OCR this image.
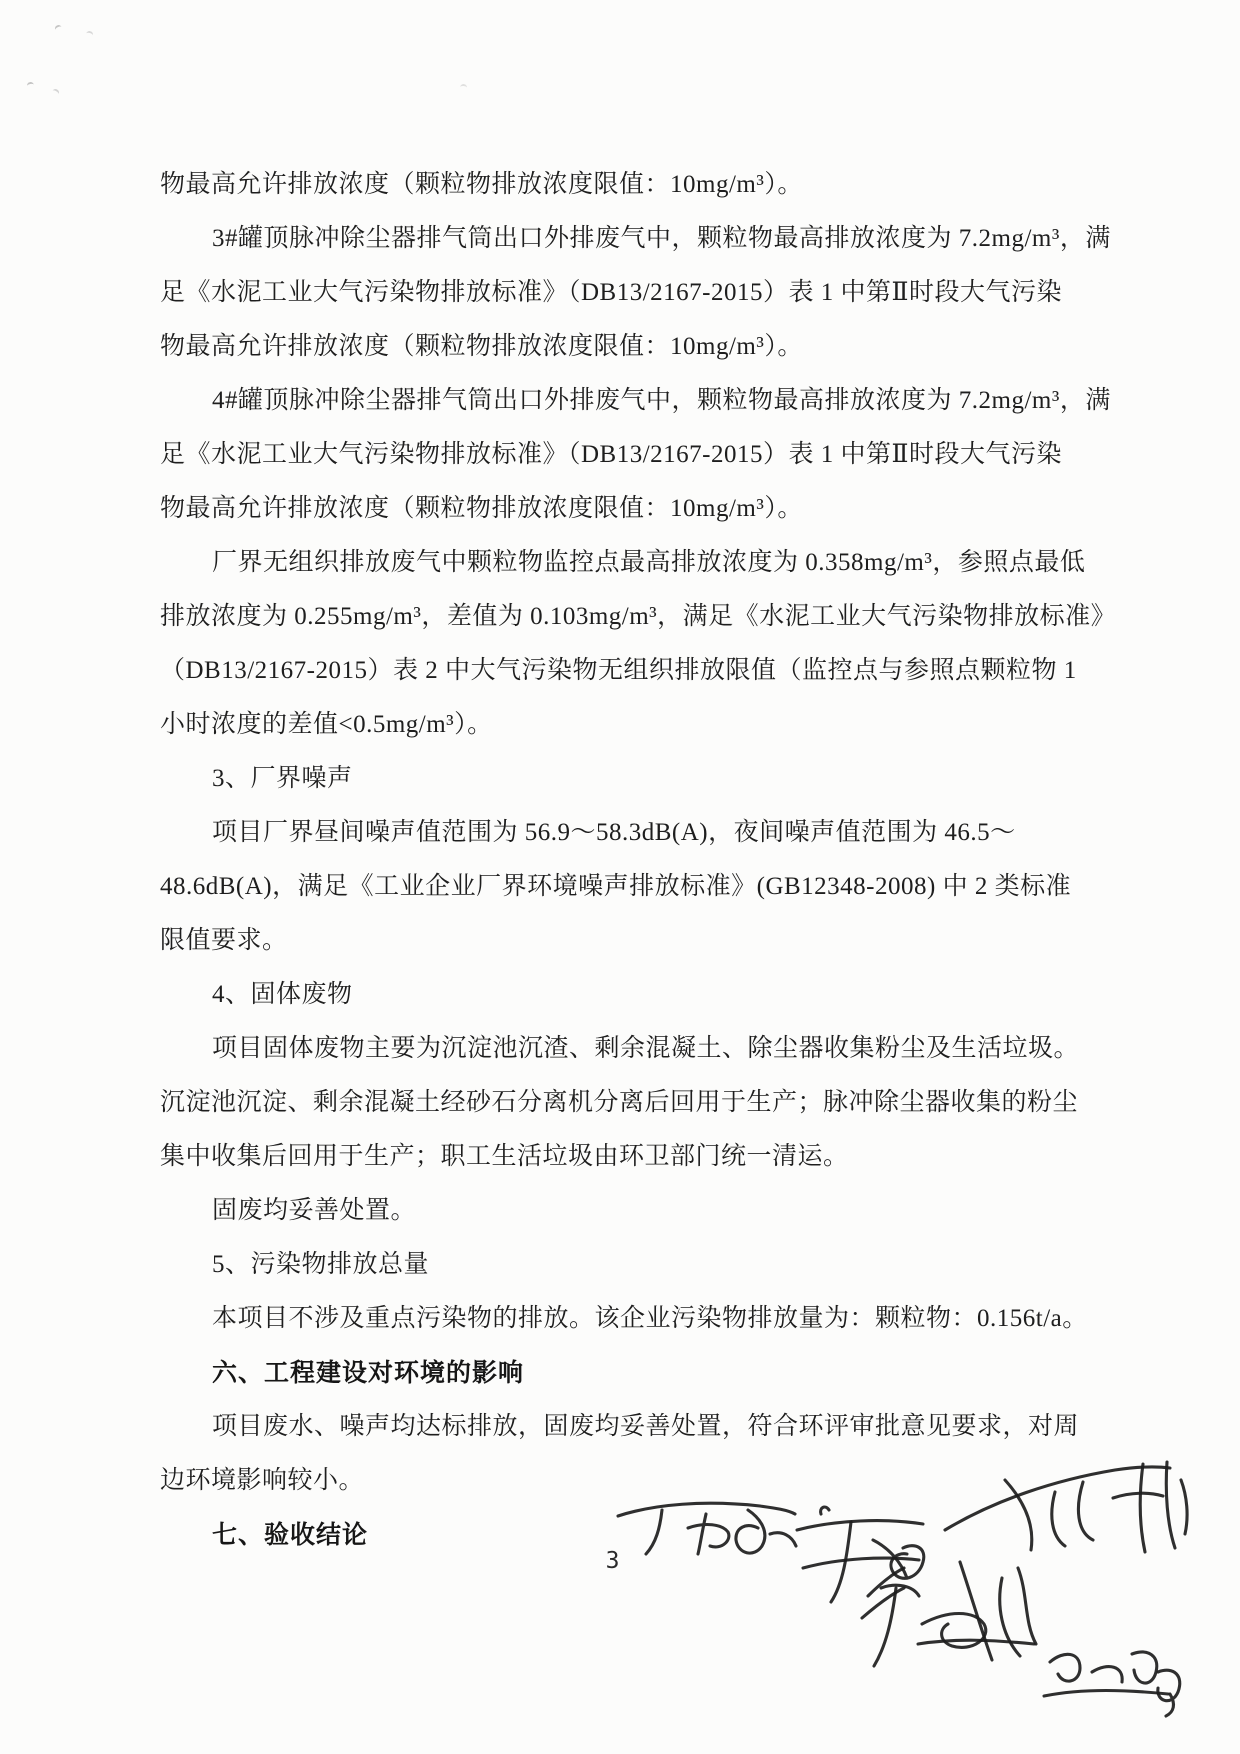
物最高允许排放浓度（颗粒物排放浓度限值：10mg/m³）。
3#罐顶脉冲除尘器排气筒出口外排废气中，颗粒物最高排放浓度为 7.2mg/m³，满
足《水泥工业大气污染物排放标准》（DB13/2167-2015）表 1 中第Ⅱ时段大气污染
物最高允许排放浓度（颗粒物排放浓度限值：10mg/m³）。
4#罐顶脉冲除尘器排气筒出口外排废气中，颗粒物最高排放浓度为 7.2mg/m³，满
足《水泥工业大气污染物排放标准》（DB13/2167-2015）表 1 中第Ⅱ时段大气污染
物最高允许排放浓度（颗粒物排放浓度限值：10mg/m³）。
厂界无组织排放废气中颗粒物监控点最高排放浓度为 0.358mg/m³，参照点最低
排放浓度为 0.255mg/m³，差值为 0.103mg/m³，满足《水泥工业大气污染物排放标准》
（DB13/2167-2015）表 2 中大气污染物无组织排放限值（监控点与参照点颗粒物 1
小时浓度的差值<0.5mg/m³）。
3、厂界噪声
项目厂界昼间噪声值范围为 56.9～58.3dB(A)，夜间噪声值范围为 46.5～
48.6dB(A)，满足《工业企业厂界环境噪声排放标准》(GB12348-2008) 中 2 类标准
限值要求。
4、固体废物
项目固体废物主要为沉淀池沉渣、剩余混凝土、除尘器收集粉尘及生活垃圾。
沉淀池沉淀、剩余混凝土经砂石分离机分离后回用于生产；脉冲除尘器收集的粉尘
集中收集后回用于生产；职工生活垃圾由环卫部门统一清运。
固废均妥善处置。
5、污染物排放总量
本项目不涉及重点污染物的排放。该企业污染物排放量为：颗粒物：0.156t/a。
六、工程建设对环境的影响
项目废水、噪声均达标排放，固废均妥善处置，符合环评审批意见要求，对周
边环境影响较小。
七、验收结论
3
